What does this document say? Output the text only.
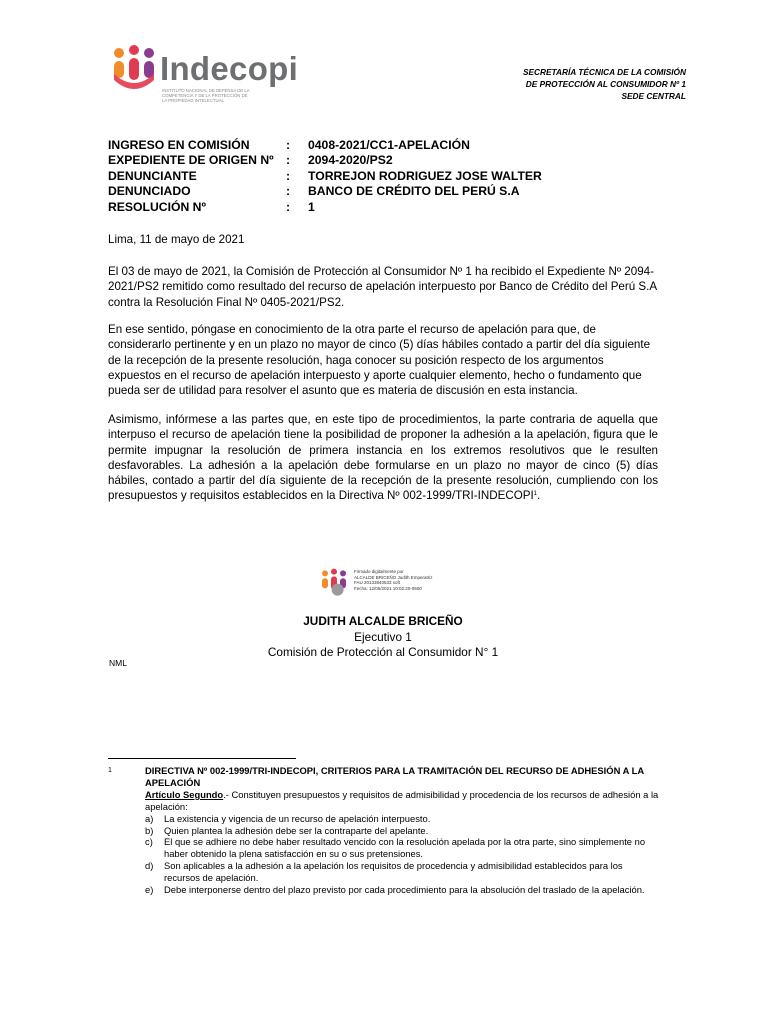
Indecopi
INSTITUTO NACIONAL DE DEFENSA DE LA COMPETENCIA Y DE LA PROTECCIÓN DE LA PROPIEDAD INTELECTUAL
SECRETARÍA TÉCNICA DE LA COMISIÓN
DE PROTECCIÓN AL CONSUMIDOR Nº 1
SEDE CENTRAL
INGRESO EN COMISIÓN	:	0408-2021/CC1-APELACIÓN
EXPEDIENTE DE ORIGEN Nº	:	2094-2020/PS2
DENUNCIANTE	:	TORREJON RODRIGUEZ JOSE WALTER
DENUNCIADO	:	BANCO DE CRÉDITO DEL PERÚ S.A
RESOLUCIÓN Nº	:	1
Lima, 11 de mayo de 2021
El 03 de mayo de 2021, la Comisión de Protección al Consumidor Nº 1 ha recibido el Expediente Nº 2094-2021/PS2 remitido como resultado del recurso de apelación interpuesto por Banco de Crédito del Perú S.A contra la Resolución Final Nº 0405-2021/PS2.
En ese sentido, póngase en conocimiento de la otra parte el recurso de apelación para que, de considerarlo pertinente y en un plazo no mayor de cinco (5) días hábiles contado a partir del día siguiente de la recepción de la presente resolución, haga conocer su posición respecto de los argumentos expuestos en el recurso de apelación interpuesto y aporte cualquier elemento, hecho o fundamento que pueda ser de utilidad para resolver el asunto que es materia de discusión en esta instancia.
Asimismo, infórmese a las partes que, en este tipo de procedimientos, la parte contraria de aquella que interpuso el recurso de apelación tiene la posibilidad de proponer la adhesión a la apelación, figura que le permite impugnar la resolución de primera instancia en los extremos resolutivos que le resulten desfavorables. La adhesión a la apelación debe formularse en un plazo no mayor de cinco (5) días hábiles, contado a partir del día siguiente de la recepción de la presente resolución, cumpliendo con los presupuestos y requisitos establecidos en la Directiva Nº 002-1999/TRI-INDECOPI$^1$.
Firmado digitalmente por
ALCALDE BRICEÑO Judith Emperatriz
FAU 20133840533 soft
Fecha: 12/05/2021 10:02:20-0500
JUDITH ALCALDE BRICEÑO
Ejecutivo 1
Comisión de Protección al Consumidor N° 1
NML
1	DIRECTIVA Nº 002-1999/TRI-INDECOPI, CRITERIOS PARA LA TRAMITACIÓN DEL RECURSO DE ADHESIÓN A LA APELACIÓN
Artículo Segundo.- Constituyen presupuestos y requisitos de admisibilidad y procedencia de los recursos de adhesión a la apelación:
a)	La existencia y vigencia de un recurso de apelación interpuesto.
b)	Quien plantea la adhesión debe ser la contraparte del apelante.
c)	El que se adhiere no debe haber resultado vencido con la resolución apelada por la otra parte, sino simplemente no haber obtenido la plena satisfacción en su o sus pretensiones.
d)	Son aplicables a la adhesión a la apelación los requisitos de procedencia y admisibilidad establecidos para los recursos de apelación.
e)	Debe interponerse dentro del plazo previsto por cada procedimiento para la absolución del traslado de la apelación.
